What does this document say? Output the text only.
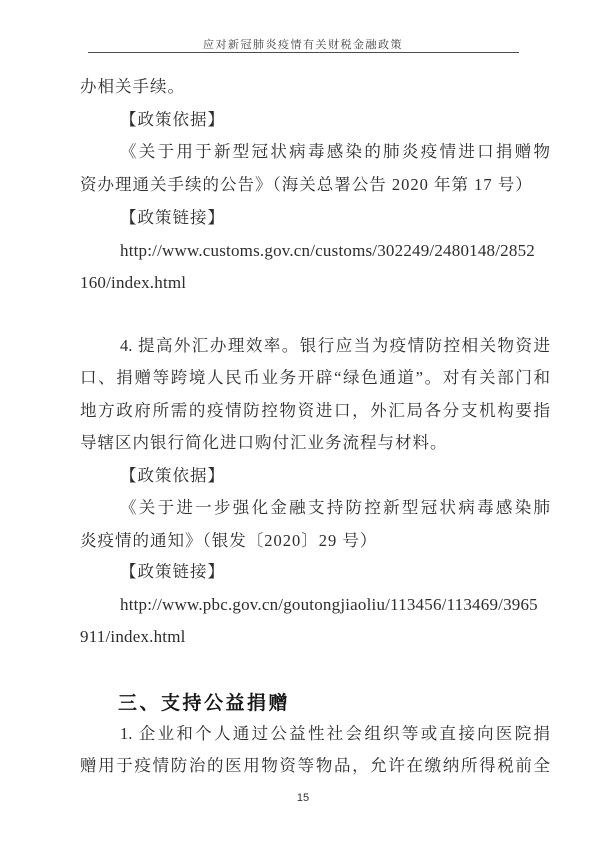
应对新冠肺炎疫情有关财税金融政策
办相关手续。
【政策依据】
《关于用于新型冠状病毒感染的肺炎疫情进口捐赠物
资办理通关手续的公告》（海关总署公告 2020 年第 17 号）
【政策链接】
http://www.customs.gov.cn/customs/302249/2480148/2852
160/index.html
4. 提高外汇办理效率。银行应当为疫情防控相关物资进
口、捐赠等跨境人民币业务开辟“绿色通道”。对有关部门和
地方政府所需的疫情防控物资进口，外汇局各分支机构要指
导辖区内银行简化进口购付汇业务流程与材料。
【政策依据】
《关于进一步强化金融支持防控新型冠状病毒感染肺
炎疫情的通知》（银发〔2020〕29 号）
【政策链接】
http://www.pbc.gov.cn/goutongjiaoliu/113456/113469/3965
911/index.html
三、支持公益捐赠
1. 企业和个人通过公益性社会组织等或直接向医院捐
赠用于疫情防治的医用物资等物品，允许在缴纳所得税前全
15
